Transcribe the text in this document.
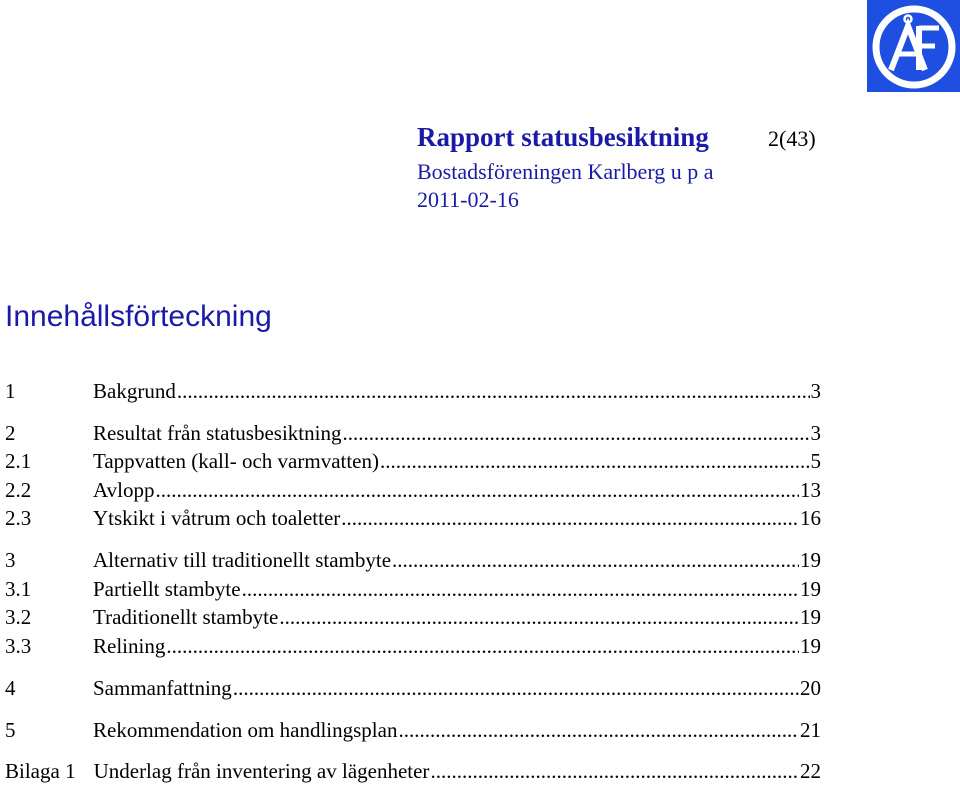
Rapport statusbesiktning	2(43)
Bostadsföreningen Karlberg u p a
2011-02-16
Innehållsförteckning
1	Bakgrund .....	3
2	Resultat från statusbesiktning .....	3
2.1	Tappvatten (kall- och varmvatten) .....	5
2.2	Avlopp .....	13
2.3	Ytskikt i våtrum och toaletter .....	16
3	Alternativ till traditionellt stambyte .....	19
3.1	Partiellt stambyte .....	19
3.2	Traditionellt stambyte .....	19
3.3	Relining .....	19
4	Sammanfattning .....	20
5	Rekommendation om handlingsplan .....	21
Bilaga 1 Underlag från inventering av lägenheter .....	22
